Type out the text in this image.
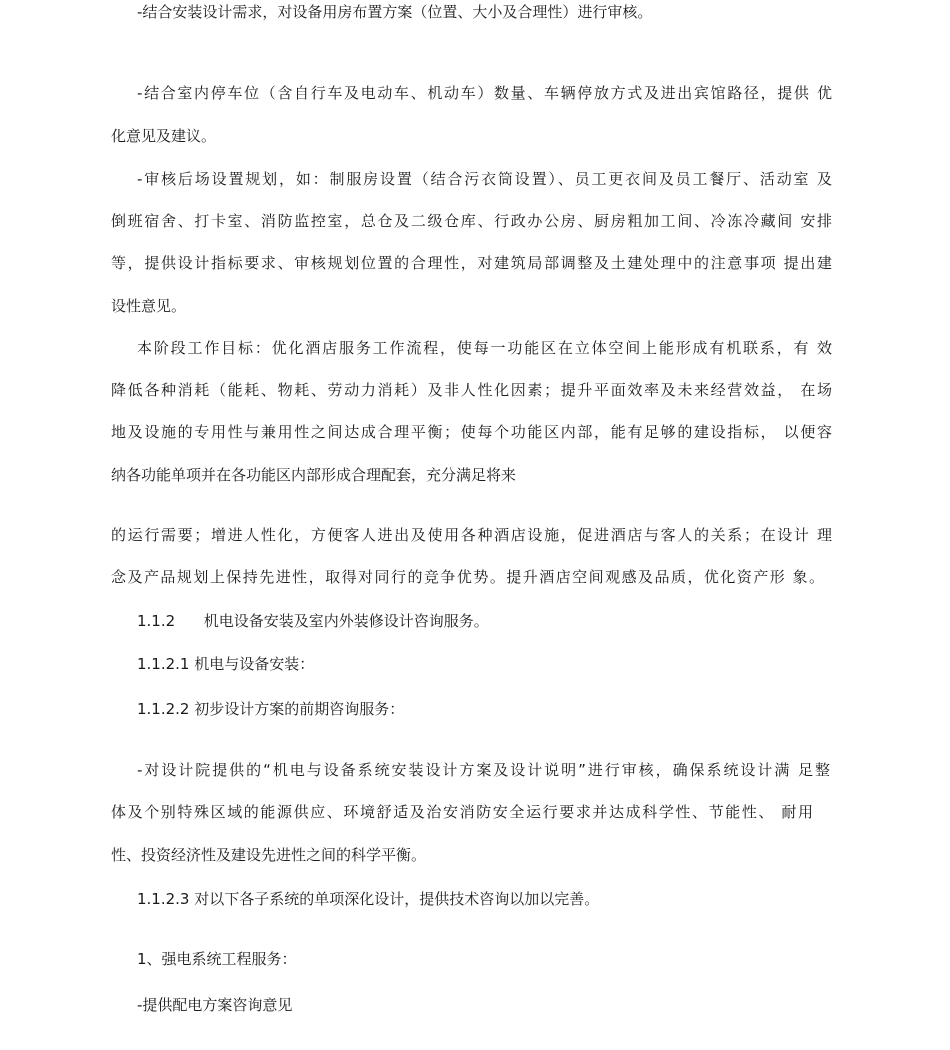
-结合安装设计需求，对设备用房布置方案（位置、大小及合理性）进行审核。
-结合室内停车位（含自行车及电动车、机动车）数量、车辆停放方式及进出宾馆路径，提供 优
化意见及建议。
-审核后场设置规划，如：制服房设置（结合污衣筒设置）、员工更衣间及员工餐厅、活动室 及
倒班宿舍、打卡室、消防监控室，总仓及二级仓库、行政办公房、厨房粗加工间、冷冻冷藏间 安排
等，提供设计指标要求、审核规划位置的合理性，对建筑局部调整及土建处理中的注意事项 提出建
设性意见。
本阶段工作目标：优化酒店服务工作流程，使每一功能区在立体空间上能形成有机联系，有 效
降低各种消耗（能耗、物耗、劳动力消耗）及非人性化因素；提升平面效率及未来经营效益， 在场
地及设施的专用性与兼用性之间达成合理平衡；使每个功能区内部，能有足够的建设指标， 以便容
纳各功能单项并在各功能区内部形成合理配套，充分满足将来
的运行需要；增进人性化，方便客人进出及使用各种酒店设施，促进酒店与客人的关系；在设计 理
念及产品规划上保持先进性，取得对同行的竞争优势。提升酒店空间观感及品质，优化资产形 象。
1.1.2      机电设备安装及室内外装修设计咨询服务。
1.1.2.1 机电与设备安装：
1.1.2.2 初步设计方案的前期咨询服务：
-对设计院提供的“机电与设备系统安装设计方案及设计说明”进行审核，确保系统设计满 足整
体及个别特殊区域的能源供应、环境舒适及治安消防安全运行要求并达成科学性、节能性、 耐用
性、投资经济性及建设先进性之间的科学平衡。
1.1.2.3 对以下各子系统的单项深化设计，提供技术咨询以加以完善。
1、强电系统工程服务：
-提供配电方案咨询意见
